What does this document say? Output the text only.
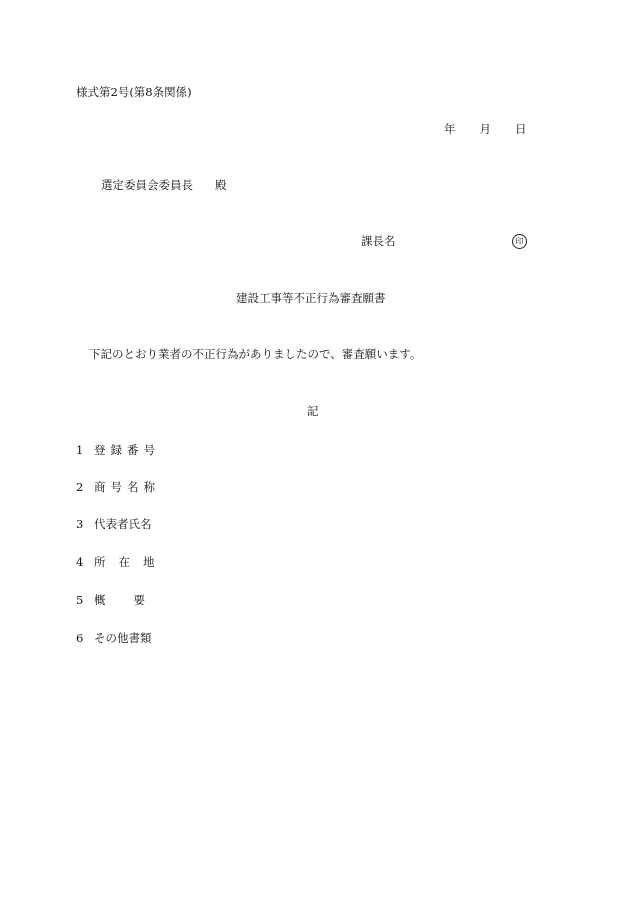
様式第2号(第8条関係)
年 月 日
選定委員会委員長 殿
課長名	印
建設工事等不正行為審査願書
下記のとおり業者の不正行為がありましたので、審査願います。
記
1 登録番号
2 商号名称
3 代表者氏名
4 所在地
5 概要
6 その他書類
